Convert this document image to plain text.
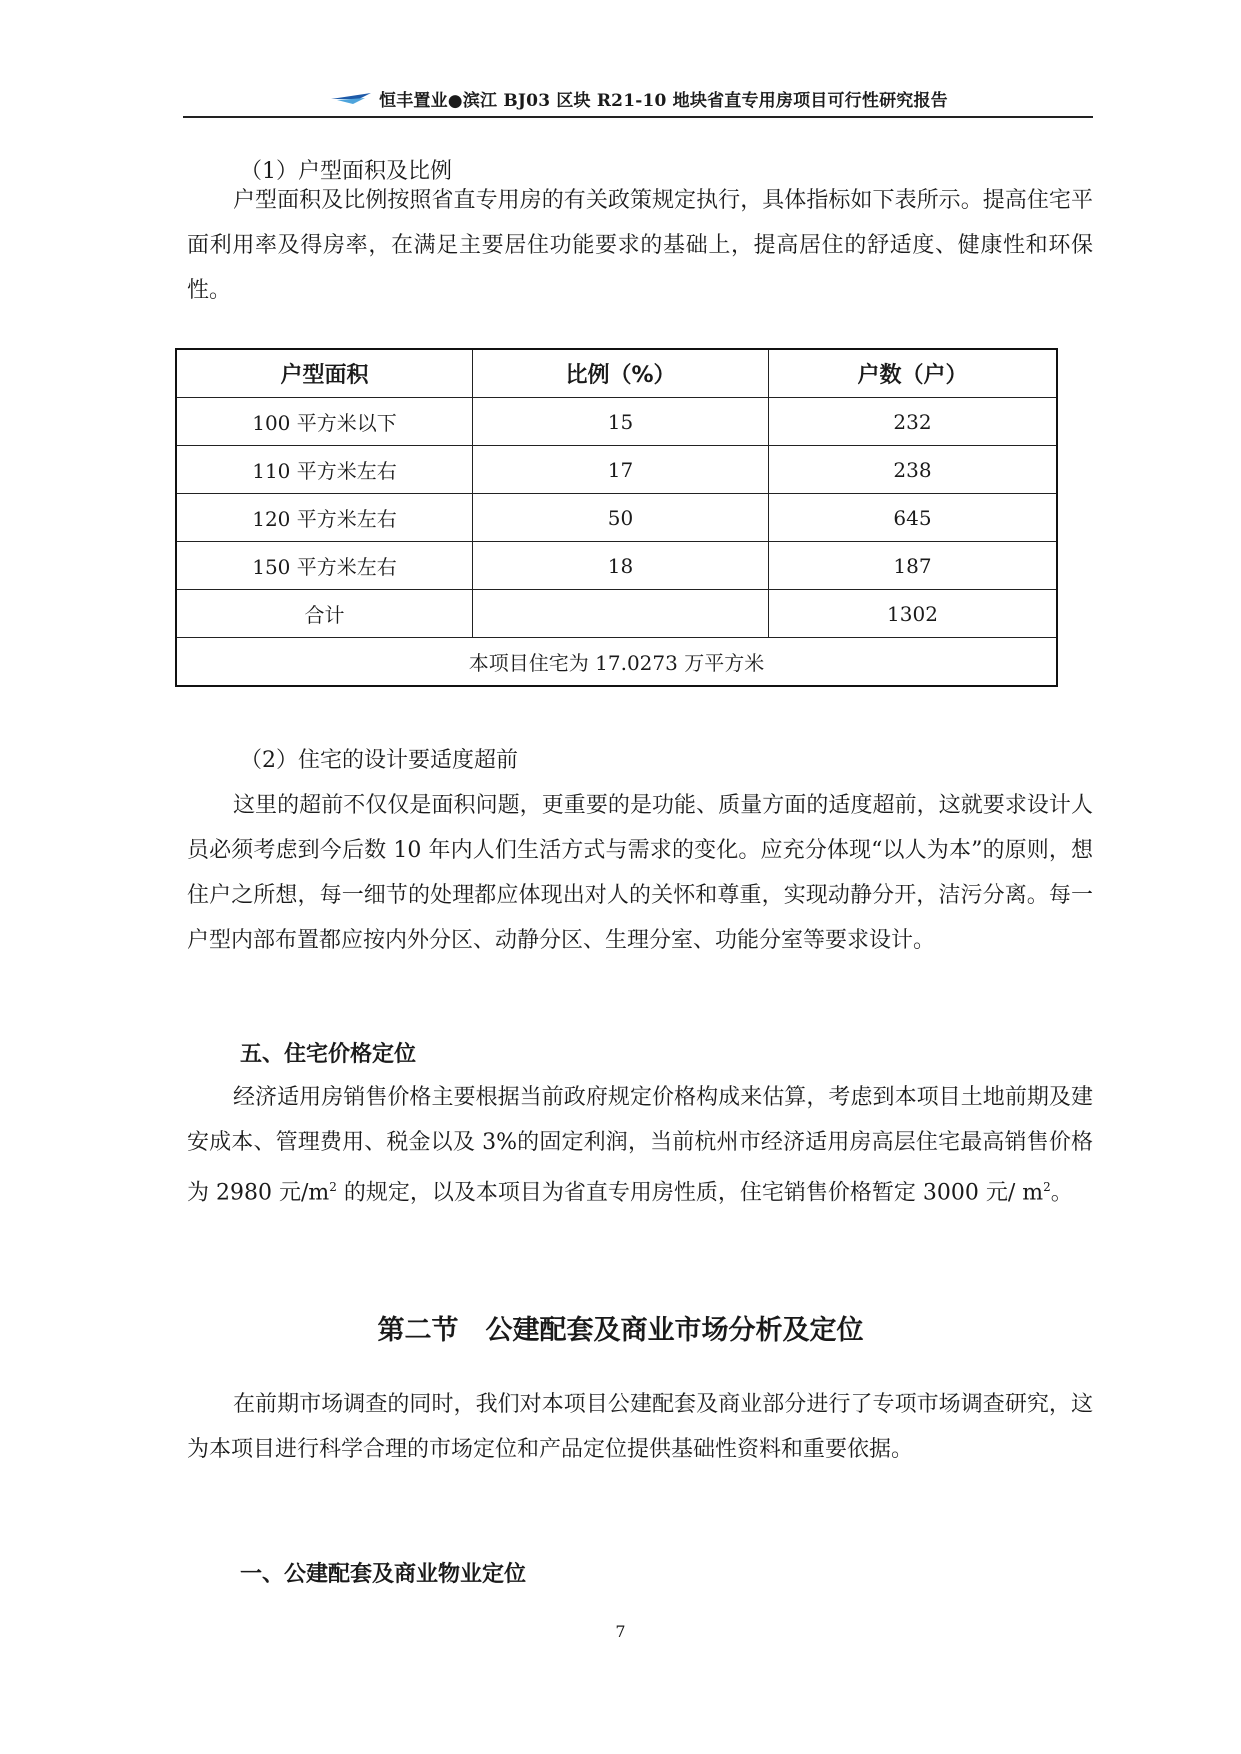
恒丰置业●滨江 BJ03 区块 R21-10 地块省直专用房项目可行性研究报告
（1）户型面积及比例
户型面积及比例按照省直专用房的有关政策规定执行，具体指标如下表所示。提高住宅平面利用率及得房率，在满足主要居住功能要求的基础上，提高居住的舒适度、健康性和环保性。
户型面积	比例（%）	户数（户）
100 平方米以下	15	232
110 平方米左右	17	238
120 平方米左右	50	645
150 平方米左右	18	187
合计		1302
本项目住宅为 17.0273 万平方米		
（2）住宅的设计要适度超前
这里的超前不仅仅是面积问题，更重要的是功能、质量方面的适度超前，这就要求设计人员必须考虑到今后数 10 年内人们生活方式与需求的变化。应充分体现“以人为本”的原则，想住户之所想，每一细节的处理都应体现出对人的关怀和尊重，实现动静分开，洁污分离。每一户型内部布置都应按内外分区、动静分区、生理分室、功能分室等要求设计。
五、住宅价格定位
经济适用房销售价格主要根据当前政府规定价格构成来估算，考虑到本项目土地前期及建安成本、管理费用、税金以及 3%的固定利润，当前杭州市经济适用房高层住宅最高销售价格为 2980 元$/m^2$ 的规定，以及本项目为省直专用房性质，住宅销售价格暂定 3000 元/ $m^2$。
第二节　公建配套及商业市场分析及定位
在前期市场调查的同时，我们对本项目公建配套及商业部分进行了专项市场调查研究，这为本项目进行科学合理的市场定位和产品定位提供基础性资料和重要依据。
一、公建配套及商业物业定位
7
